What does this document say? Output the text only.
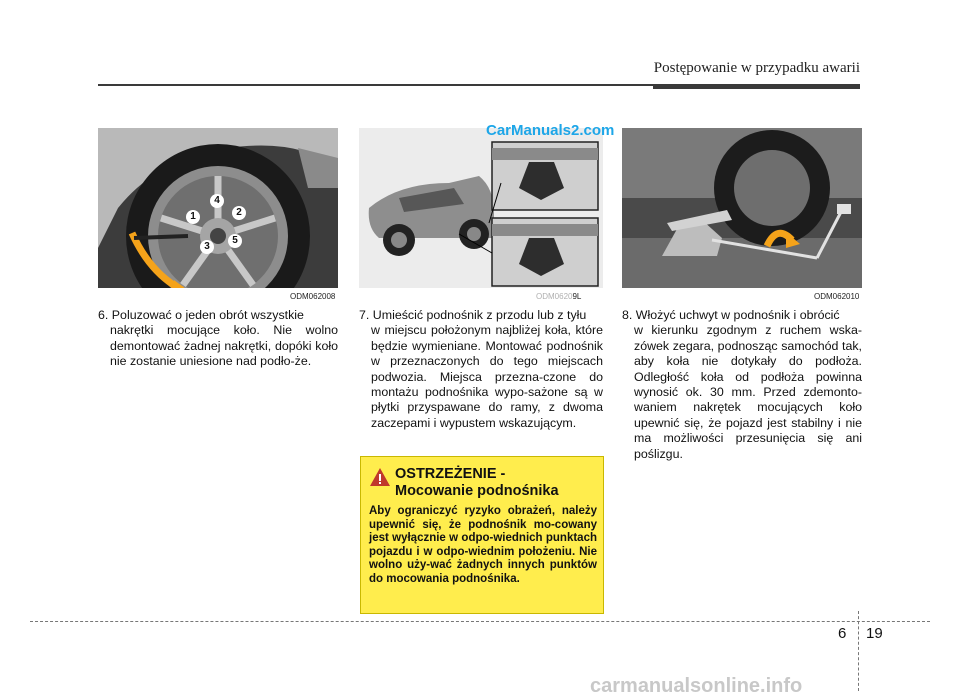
Postępowanie w przypadku awarii
1	2
3
4
5
ODM062008	ODM06209L	ODM062010
6. Poluzować o jeden obrót wszystkie
nakrętki mocujące koło. Nie wolno demontować żadnej nakrętki, dopóki koło nie zostanie uniesione nad podło-że.
7. Umieścić podnośnik z przodu lub z tyłu
w miejscu położonym najbliżej koła, które będzie wymieniane. Montować podnośnik w przeznaczonych do tego miejscach podwozia. Miejsca przezna-czone do montażu podnośnika wypo-sażone są w płytki przyspawane do ramy, z dwoma zaczepami i wypustem wskazującym.
8. Włożyć uchwyt w podnośnik i obrócić
w kierunku zgodnym z ruchem wska-zówek zegara, podnosząc samochód tak, aby koła nie dotykały do podłoża. Odległość koła od podłoża powinna wynosić ok. 30 mm. Przed zdemonto-waniem nakrętek mocujących koło upewnić się, że pojazd jest stabilny i nie ma możliwości przesunięcia się ani poślizgu.
OSTRZEŻENIE -
Mocowanie podnośnika
Aby ograniczyć ryzyko obrażeń, należy upewnić się, że podnośnik mo-cowany jest wyłącznie w odpo-wiednich punktach pojazdu i w odpo-wiednim położeniu. Nie wolno uży-wać żadnych innych punktów do mocowania podnośnika.
CarManuals2.com
carmanualsonline.info
6 19
